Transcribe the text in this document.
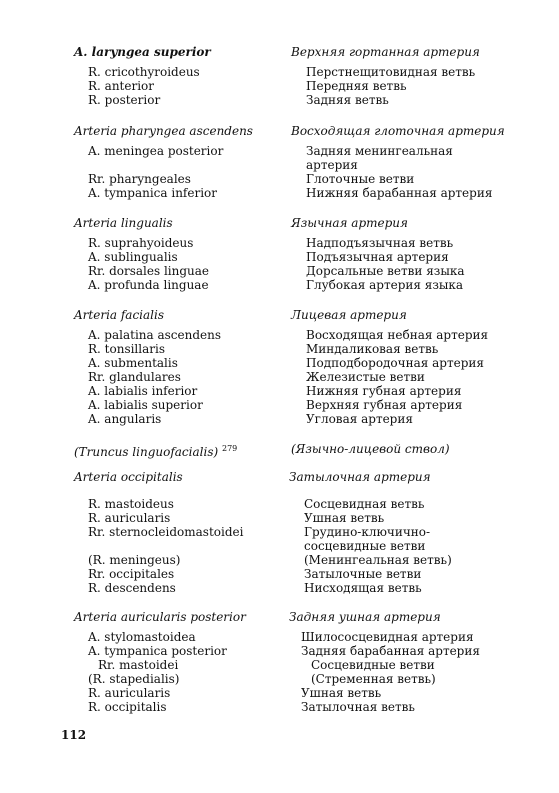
A. laryngea superior
R. cricothyroideus
R. anterior
R. posterior
Верхняя гортанная артерия
Перстнещитовидная ветвь
Передняя ветвь
Задняя ветвь
Arteria pharyngea ascendens
A. meningea posterior
Rr. pharyngeales
A. tympanica inferior
Восходящая глоточная артерия
Задняя менингеальная артерия
Глоточные ветви
Нижняя барабанная артерия
Arteria lingualis
R. suprahyoideus
A. sublingualis
Rr. dorsales linguae
A. profunda linguae
Язычная артерия
Надподъязычная ветвь
Подъязычная артерия
Дорсальные ветви языка
Глубокая артерия языка
Arteria facialis
A. palatina ascendens
R. tonsillaris
A. submentalis
Rr. glandulares
A. labialis inferior
A. labialis superior
A. angularis
Лицевая артерия
Восходящая небная артерия
Миндаликовая ветвь
Подподбородочная артерия
Железистые ветви
Нижняя губная артерия
Верхняя губная артерия
Угловая артерия
(Truncus linguofacialis) $^{279}$	(Язычно-лицевой ствол)
Arteria occipitalis
R. mastoideus
R. auricularis
Rr. sternocleidomastoidei
(R. meningeus)
Rr. occipitales
R. descendens
Затылочная артерия
Сосцевидная ветвь
Ушная ветвь
Грудино-ключично-сосцевидные ветви
(Менингеальная ветвь)
Затылочные ветви
Нисходящая ветвь
Arteria auricularis posterior
A. stylomastoidea
A. tympanica posterior
Rr. mastoidei
(R. stapedialis)
R. auricularis
R. occipitalis
Задняя ушная артерия
Шилососцевидная артерия
Задняя барабанная артерия
Сосцевидные ветви
(Стременная ветвь)
Ушная ветвь
Затылочная ветвь
112
